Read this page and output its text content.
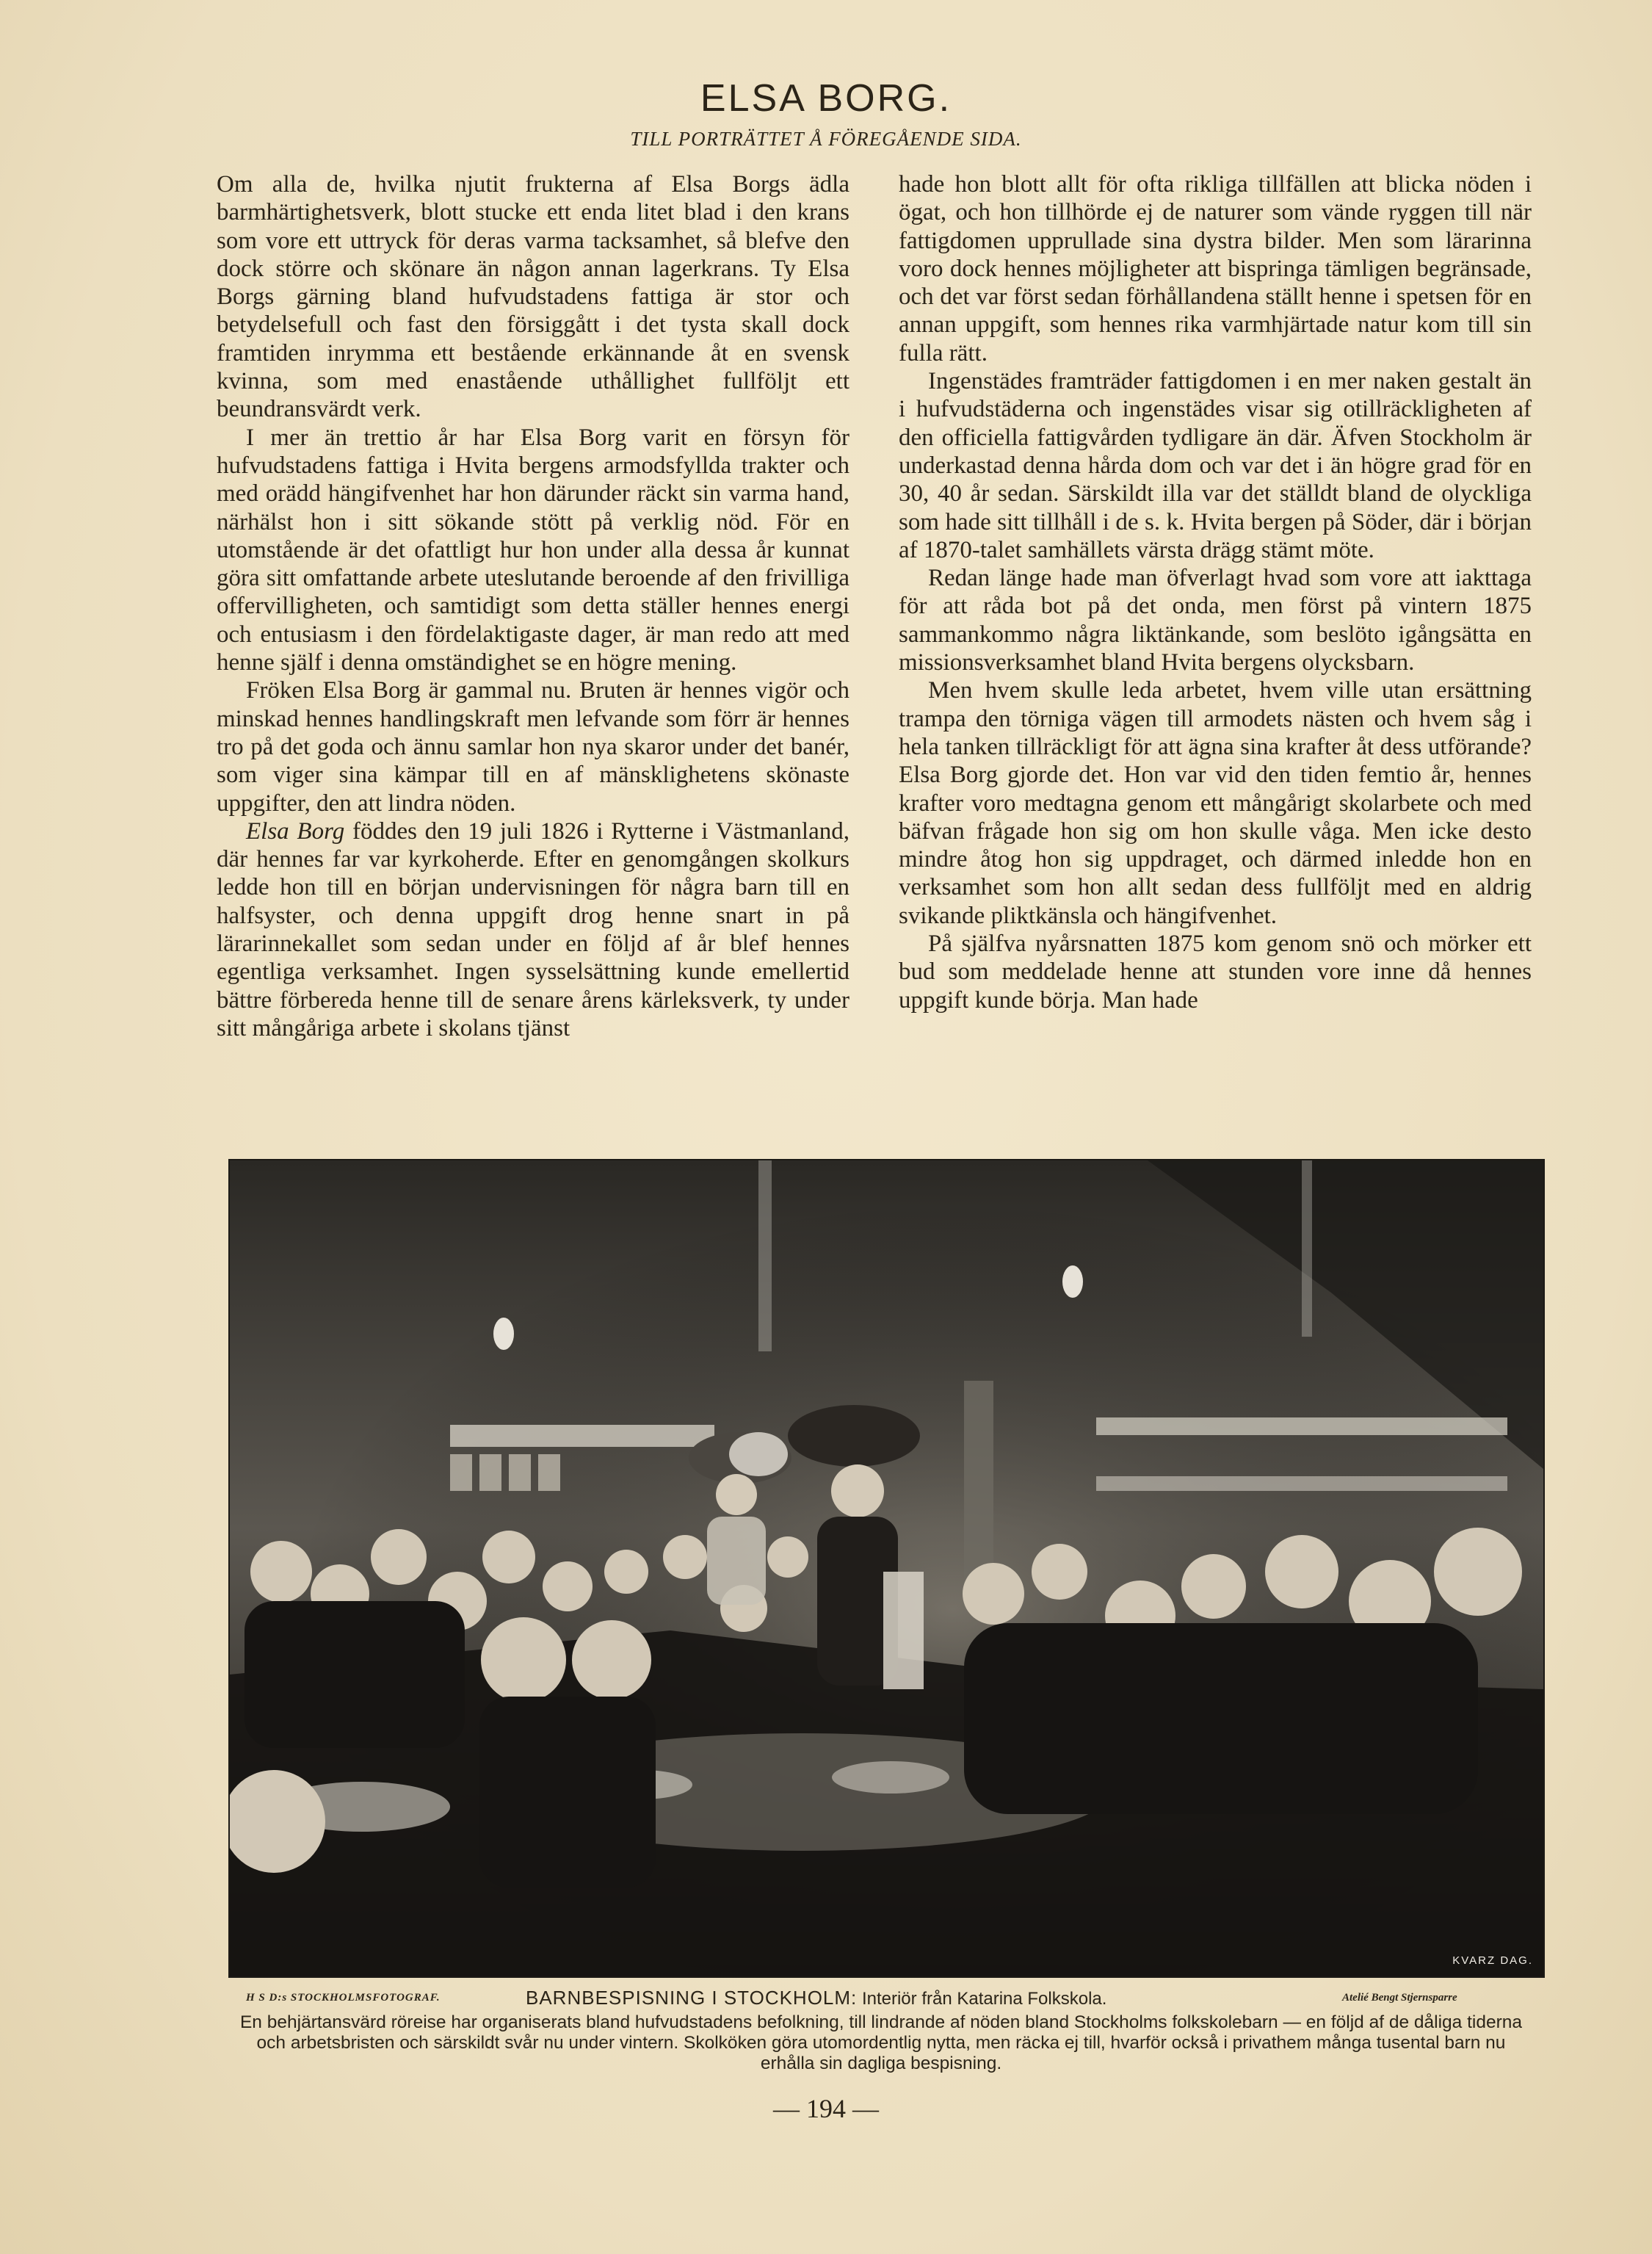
ELSA BORG.
TILL PORTRÄTTET Å FÖREGÅENDE SIDA.

Om alla de, hvilka njutit frukterna af Elsa Borgs ädla barmhärtighetsverk, blott stucke ett enda litet blad i den krans som vore ett uttryck för deras varma tacksamhet, så blefve den dock större och skönare än någon annan lagerkrans. Ty Elsa Borgs gärning bland hufvudstadens fattiga är stor och betydelsefull och fast den försiggått i det tysta skall dock framtiden inrymma ett bestående erkännande åt en svensk kvinna, som med enastående uthållighet fullföljt ett beundransvärdt verk.

I mer än trettio år har Elsa Borg varit en försyn för hufvudstadens fattiga i Hvita bergens armodsfyllda trakter och med orädd hängifvenhet har hon därunder räckt sin varma hand, närhälst hon i sitt sökande stött på verklig nöd. För en utomstående är det ofattligt hur hon under alla dessa år kunnat göra sitt omfattande arbete uteslutande beroende af den frivilliga offervilligheten, och samtidigt som detta ställer hennes energi och entusiasm i den fördelaktigaste dager, är man redo att med henne själf i denna omständighet se en högre mening.

Fröken Elsa Borg är gammal nu. Bruten är hennes vigör och minskad hennes handlingskraft men lefvande som förr är hennes tro på det goda och ännu samlar hon nya skaror under det banér, som viger sina kämpar till en af mänsklighetens skönaste uppgifter, den att lindra nöden.

Elsa Borg föddes den 19 juli 1826 i Rytterne i Västmanland, där hennes far var kyrkoherde. Efter en genomgången skolkurs ledde hon till en början undervisningen för några barn till en halfsyster, och denna uppgift drog henne snart in på lärarinnekallet som sedan under en följd af år blef hennes egentliga verksamhet. Ingen sysselsättning kunde emellertid bättre förbereda henne till de senare årens kärleksverk, ty under sitt mångåriga arbete i skolans tjänst

hade hon blott allt för ofta rikliga tillfällen att blicka nöden i ögat, och hon tillhörde ej de naturer som vände ryggen till när fattigdomen upprullade sina dystra bilder. Men som lärarinna voro dock hennes möjligheter att bispringa tämligen begränsade, och det var först sedan förhållandena ställt henne i spetsen för en annan uppgift, som hennes rika varmhjärtade natur kom till sin fulla rätt.

Ingenstädes framträder fattigdomen i en mer naken gestalt än i hufvudstäderna och ingenstädes visar sig otillräckligheten af den officiella fattigvården tydligare än där. Äfven Stockholm är underkastad denna hårda dom och var det i än högre grad för en 30, 40 år sedan. Särskildt illa var det ställdt bland de olyckliga som hade sitt tillhåll i de s. k. Hvita bergen på Söder, där i början af 1870-talet samhällets värsta drägg stämt möte.

Redan länge hade man öfverlagt hvad som vore att iakttaga för att råda bot på det onda, men först på vintern 1875 sammankommo några liktänkande, som beslöto igångsätta en missionsverksamhet bland Hvita bergens olycksbarn.

Men hvem skulle leda arbetet, hvem ville utan ersättning trampa den törniga vägen till armodets nästen och hvem såg i hela tanken tillräckligt för att ägna sina krafter åt dess utförande? Elsa Borg gjorde det. Hon var vid den tiden femtio år, hennes krafter voro medtagna genom ett mångårigt skolarbete och med bäfvan frågade hon sig om hon skulle våga. Men icke desto mindre åtog hon sig uppdraget, och därmed inledde hon en verksamhet som hon allt sedan dess fullföljt med en aldrig svikande pliktkänsla och hängifvenhet.

På själfva nyårsnatten 1875 kom genom snö och mörker ett bud som meddelade henne att stunden vore inne då hennes uppgift kunde börja. Man hade

KVARZ DAG.
H S D:s STOCKHOLMSFOTOGRAF.	BARNBESPISNING I STOCKHOLM: Interiör från Katarina Folkskola.	Atelié Bengt Stjernsparre
En behjärtansvärd röreise har organiserats bland hufvudstadens befolkning, till lindrande af nöden bland Stockholms folkskolebarn — en följd af de dåliga tiderna och arbetsbristen och särskildt svår nu under vintern. Skolköken göra utomordentlig nytta, men räcka ej till, hvarför också i privathem många tusental barn nu erhålla sin dagliga bespisning.
— 194 —
